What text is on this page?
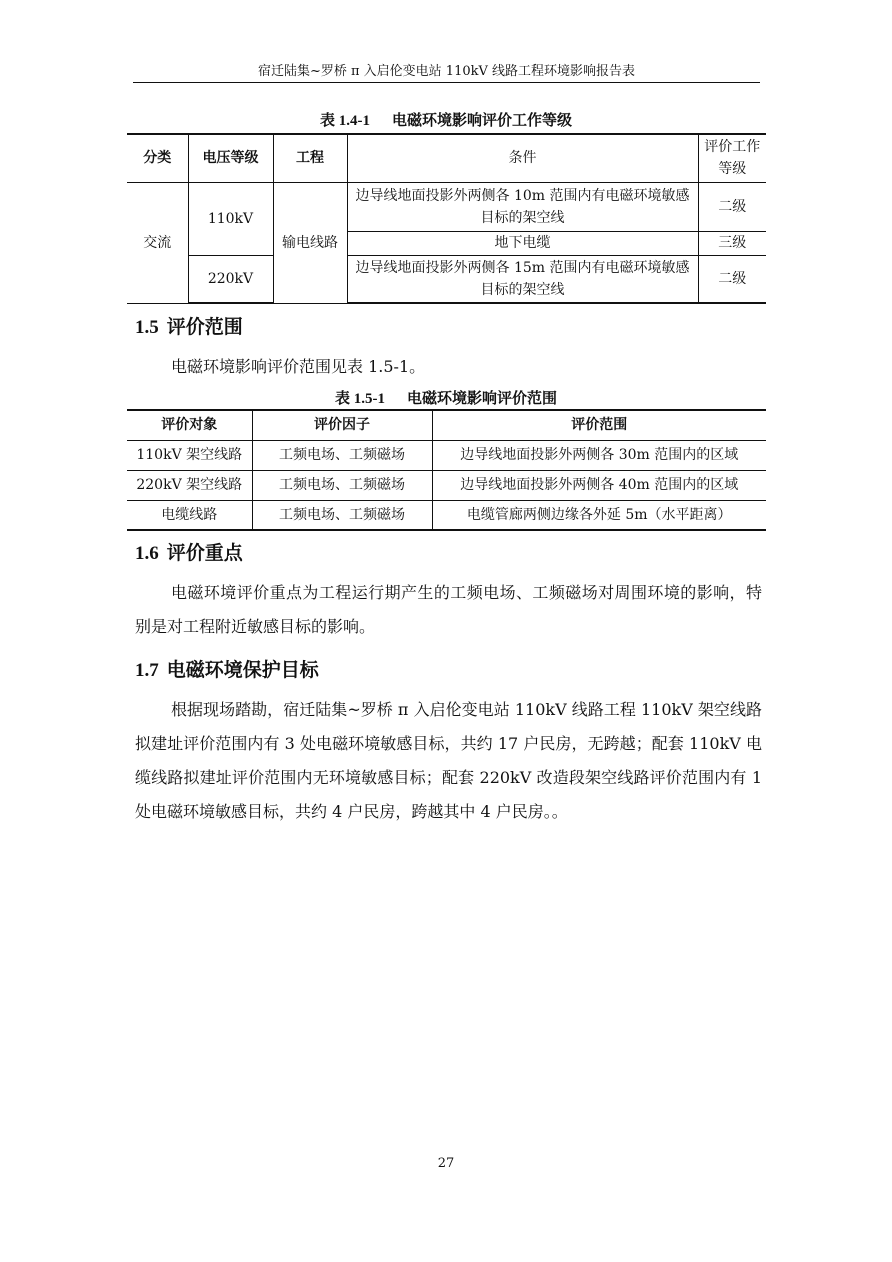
宿迁陆集~罗桥 π 入启伦变电站 110kV 线路工程环境影响报告表
表 1.4-1 电磁环境影响评价工作等级
分类	电压等级	工程	条件	评价工作等级
交流	110kV	输电线路	边导线地面投影外两侧各 10m 范围内有电磁环境敏感目标的架空线	二级
			地下电缆	三级
	220kV		边导线地面投影外两侧各 15m 范围内有电磁环境敏感目标的架空线	二级
1.5 评价范围
电磁环境影响评价范围见表 1.5-1。
表 1.5-1 电磁环境影响评价范围
评价对象	评价因子	评价范围
110kV 架空线路	工频电场、工频磁场	边导线地面投影外两侧各 30m 范围内的区域
220kV 架空线路	工频电场、工频磁场	边导线地面投影外两侧各 40m 范围内的区域
电缆线路	工频电场、工频磁场	电缆管廊两侧边缘各外延 5m（水平距离）
1.6 评价重点
电磁环境评价重点为工程运行期产生的工频电场、工频磁场对周围环境的影响，特别是对工程附近敏感目标的影响。
1.7 电磁环境保护目标
根据现场踏勘，宿迁陆集~罗桥 π 入启伦变电站 110kV 线路工程 110kV 架空线路拟建址评价范围内有 3 处电磁环境敏感目标，共约 17 户民房，无跨越；配套 110kV 电缆线路拟建址评价范围内无环境敏感目标；配套 220kV 改造段架空线路评价范围内有 1 处电磁环境敏感目标，共约 4 户民房，跨越其中 4 户民房。。
27
